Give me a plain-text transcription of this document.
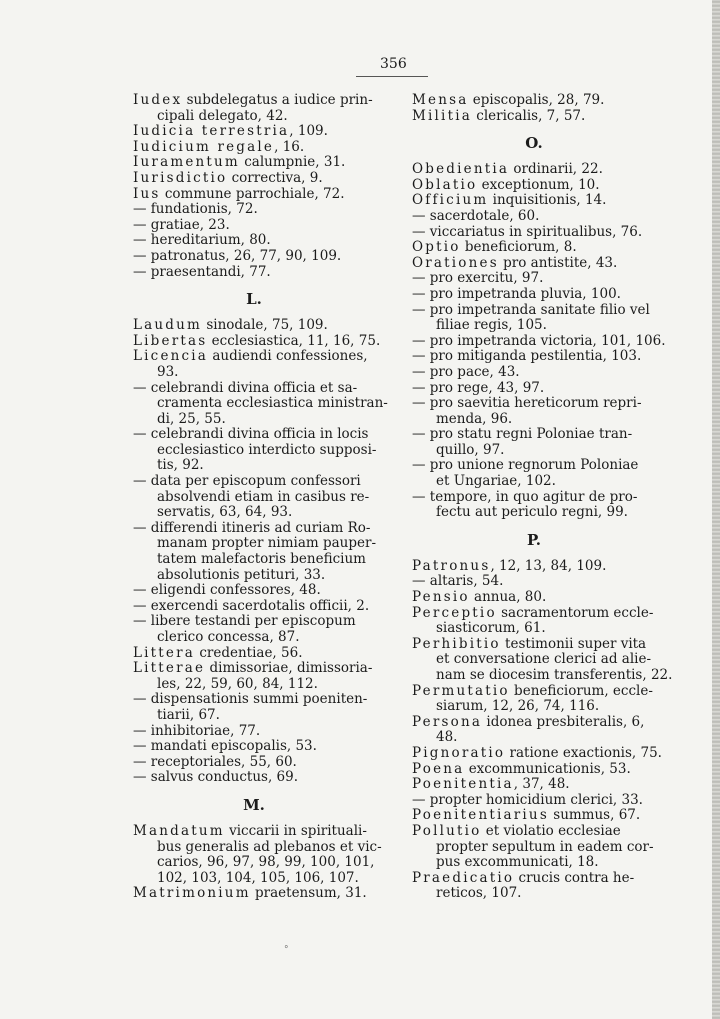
356
Iudex subdelegatus a iudice prin-
cipali delegato, 42.
Iudicia terrestria, 109.
Iudicium regale, 16.
Iuramentum calumpnie, 31.
Iurisdictio correctiva, 9.
Ius commune parrochiale, 72.
— fundationis, 72.
— gratiae, 23.
— hereditarium, 80.
— patronatus, 26, 77, 90, 109.
— praesentandi, 77.
L.
Laudum sinodale, 75, 109.
Libertas ecclesiastica, 11, 16, 75.
Licencia audiendi confessiones,
93.
— celebrandi divina officia et sa-
cramenta ecclesiastica ministran-
di, 25, 55.
— celebrandi divina officia in locis
ecclesiastico interdicto supposi-
tis, 92.
— data per episcopum confessori
absolvendi etiam in casibus re-
servatis, 63, 64, 93.
— differendi itineris ad curiam Ro-
manam propter nimiam pauper-
tatem malefactoris beneficium
absolutionis petituri, 33.
— eligendi confessores, 48.
— exercendi sacerdotalis officii, 2.
— libere testandi per episcopum
clerico concessa, 87.
Littera credentiae, 56.
Litterae dimissoriae, dimissoria-
les, 22, 59, 60, 84, 112.
— dispensationis summi poeniten-
tiarii, 67.
— inhibitoriae, 77.
— mandati episcopalis, 53.
— receptoriales, 55, 60.
— salvus conductus, 69.
M.
Mandatum viccarii in spirituali-
bus generalis ad plebanos et vic-
carios, 96, 97, 98, 99, 100, 101,
102, 103, 104, 105, 106, 107.
Matrimonium praetensum, 31.
Mensa episcopalis, 28, 79.
Militia clericalis, 7, 57.
O.
Obedientia ordinarii, 22.
Oblatio exceptionum, 10.
Officium inquisitionis, 14.
— sacerdotale, 60.
— viccariatus in spiritualibus, 76.
Optio beneficiorum, 8.
Orationes pro antistite, 43.
— pro exercitu, 97.
— pro impetranda pluvia, 100.
— pro impetranda sanitate filio vel
filiae regis, 105.
— pro impetranda victoria, 101, 106.
— pro mitiganda pestilentia, 103.
— pro pace, 43.
— pro rege, 43, 97.
— pro saevitia hereticorum repri-
menda, 96.
— pro statu regni Poloniae tran-
quillo, 97.
— pro unione regnorum Poloniae
et Ungariae, 102.
— tempore, in quo agitur de pro-
fectu aut periculo regni, 99.
P.
Patronus, 12, 13, 84, 109.
— altaris, 54.
Pensio annua, 80.
Perceptio sacramentorum eccle-
siasticorum, 61.
Perhibitio testimonii super vita
et conversatione clerici ad alie-
nam se diocesim transferentis, 22.
Permutatio beneficiorum, eccle-
siarum, 12, 26, 74, 116.
Persona idonea presbiteralis, 6,
48.
Pignoratio ratione exactionis, 75.
Poena excommunicationis, 53.
Poenitentia, 37, 48.
— propter homicidium clerici, 33.
Poenitentiarius summus, 67.
Pollutio et violatio ecclesiae
propter sepultum in eadem cor-
pus excommunicati, 18.
Praedicatio crucis contra he-
reticos, 107.
°
